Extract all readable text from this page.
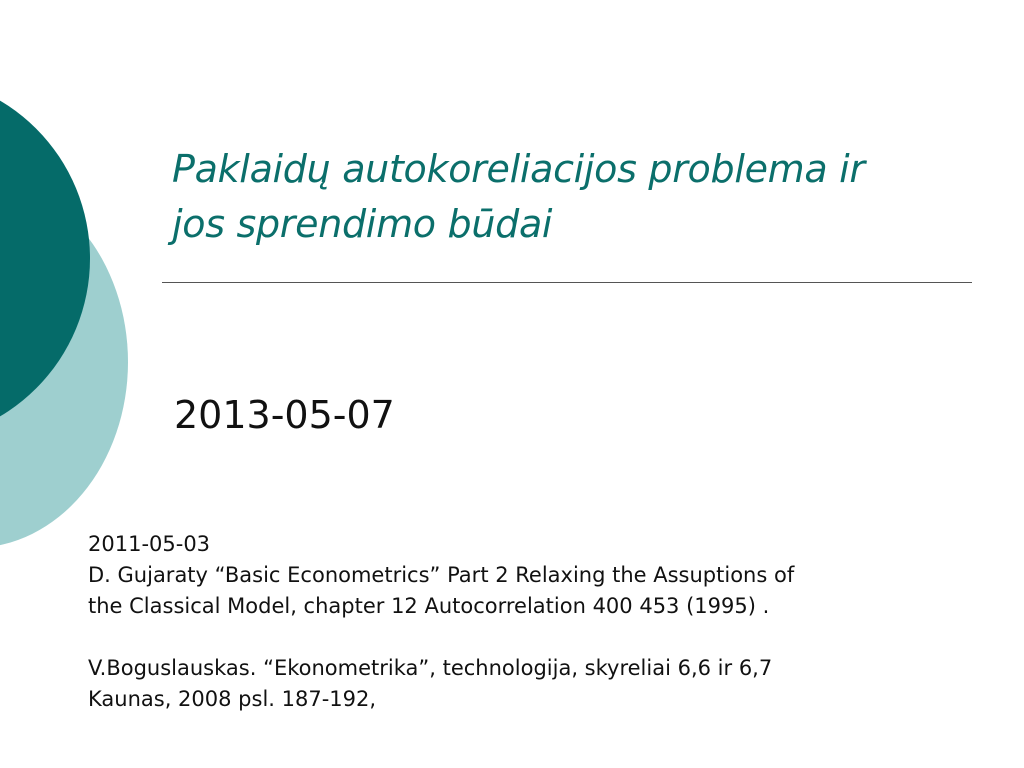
Paklaidų autokoreliacijos problema ir
jos sprendimo būdai
2013-05-07
2011-05-03
D. Gujaraty “Basic Econometrics” Part 2 Relaxing the Assuptions of
the Classical Model, chapter 12 Autocorrelation 400 453 (1995) .
V.Boguslauskas. “Ekonometrika”, technologija, skyreliai 6,6 ir 6,7
Kaunas, 2008 psl. 187-192,
